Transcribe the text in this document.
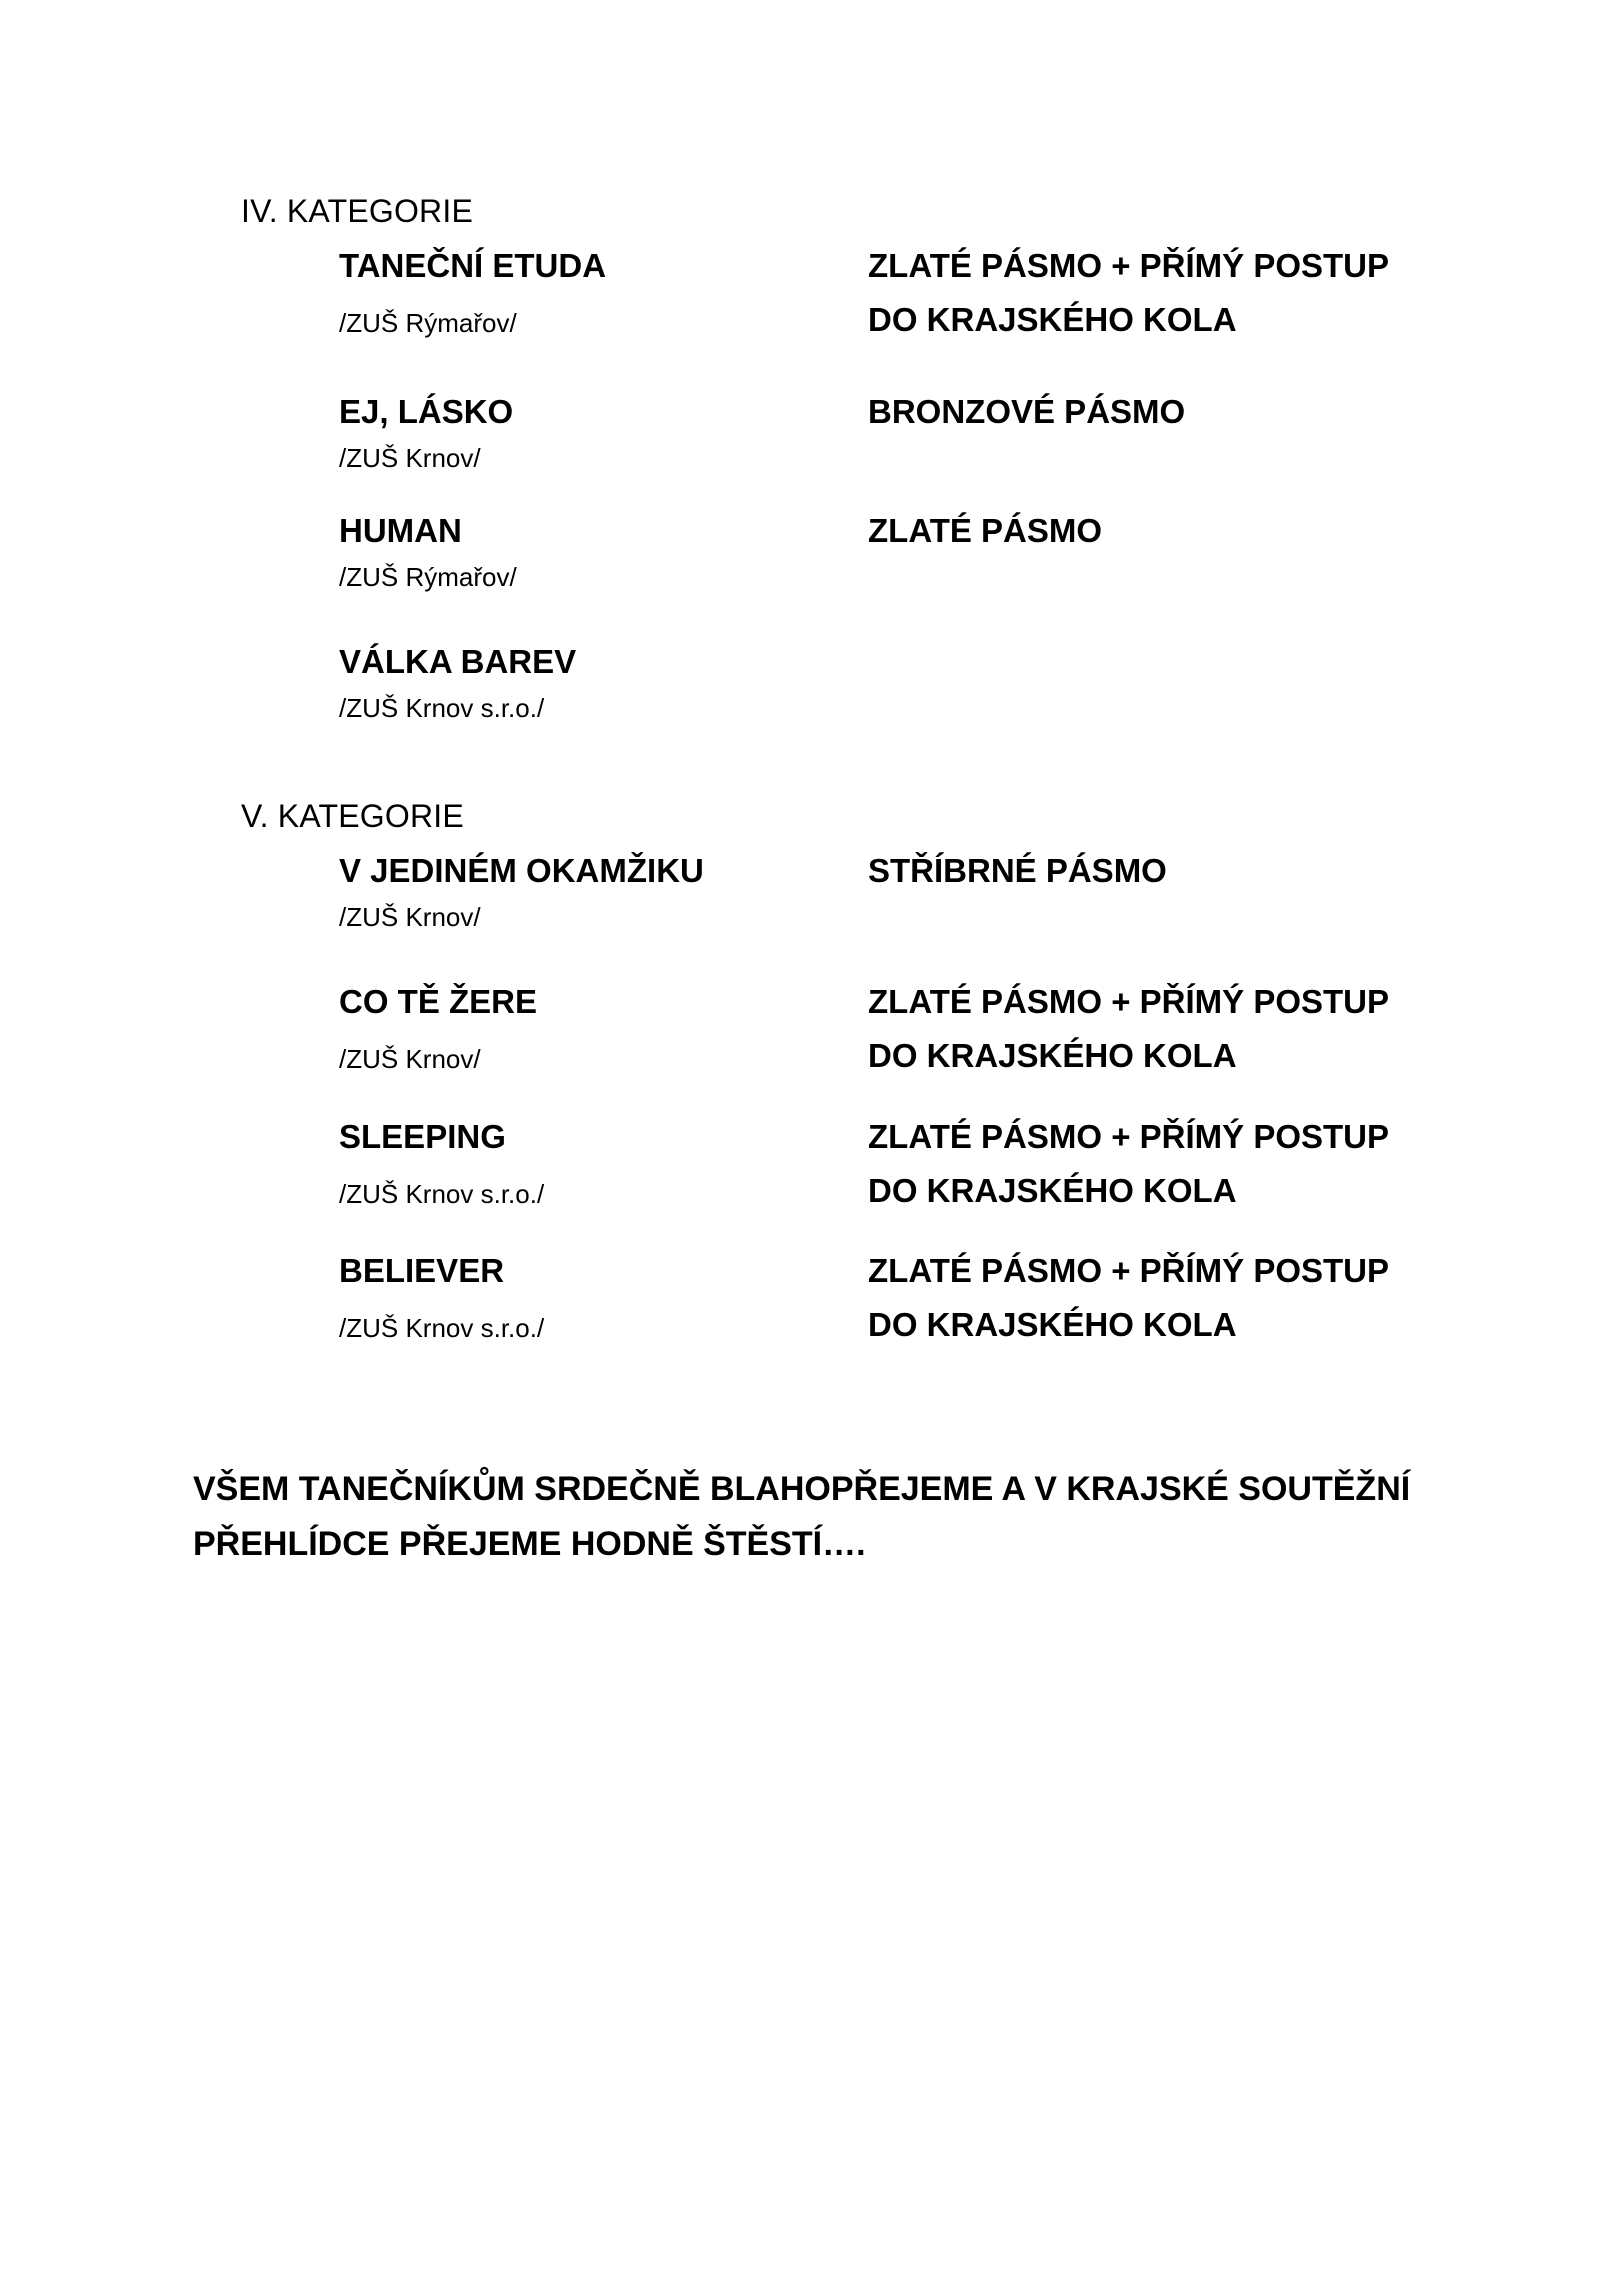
IV. KATEGORIE
TANEČNÍ ETUDA
/ZUŠ Rýmařov/
ZLATÉ PÁSMO + PŘÍMÝ POSTUP
DO KRAJSKÉHO KOLA
EJ, LÁSKO
/ZUŠ Krnov/
BRONZOVÉ PÁSMO
HUMAN
/ZUŠ Rýmařov/
ZLATÉ PÁSMO
VÁLKA BAREV
/ZUŠ Krnov s.r.o./
V. KATEGORIE
V JEDINÉM OKAMŽIKU
/ZUŠ Krnov/
STŘÍBRNÉ PÁSMO
CO TĚ ŽERE
/ZUŠ Krnov/
ZLATÉ PÁSMO + PŘÍMÝ POSTUP
DO KRAJSKÉHO KOLA
SLEEPING
/ZUŠ Krnov s.r.o./
ZLATÉ PÁSMO + PŘÍMÝ POSTUP
DO KRAJSKÉHO KOLA
BELIEVER
/ZUŠ Krnov s.r.o./
ZLATÉ PÁSMO + PŘÍMÝ POSTUP
DO KRAJSKÉHO KOLA
VŠEM TANEČNÍKŮM SRDEČNĚ BLAHOPŘEJEME A V KRAJSKÉ SOUTĚŽNÍ
PŘEHLÍDCE PŘEJEME HODNĚ ŠTĚSTÍ….
